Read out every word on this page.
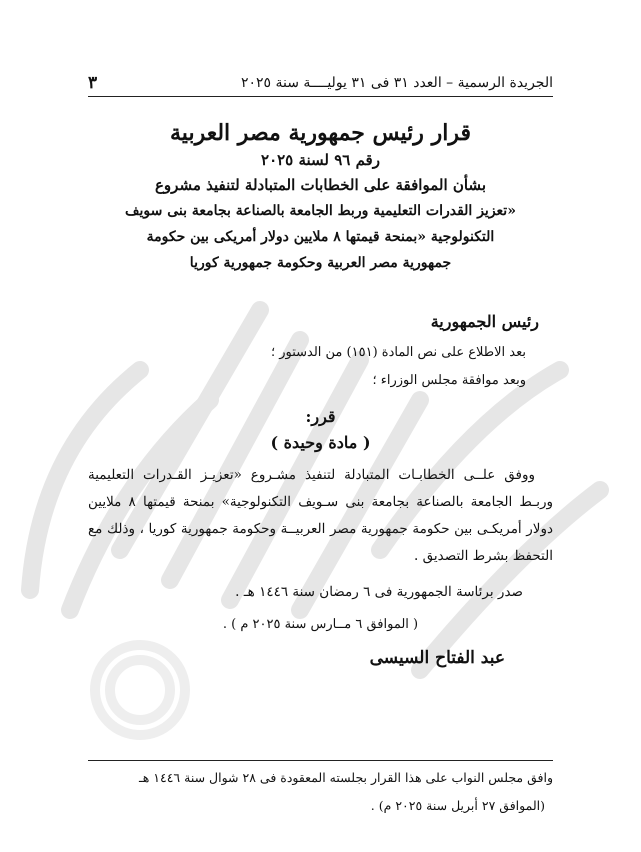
الجريدة الرسمية – العدد ٣١ فى ٣١ يوليــــة سنة ٢٠٢٥
٣
قرار رئيس جمهورية مصر العربية
رقم ٩٦ لسنة ٢٠٢٥
بشأن الموافقة على الخطابات المتبادلة لتنفيذ مشروع
«تعزيز القدرات التعليمية وربط الجامعة بالصناعة بجامعة بنى سويف
التكنولوجية «بمنحة قيمتها ٨ ملايين دولار أمريكى بين حكومة
جمهورية مصر العربية وحكومة جمهورية كوريا
رئيس الجمهورية
بعد الاطلاع على نص المادة (١٥١) من الدستور ؛
وبعد موافقة مجلس الوزراء ؛
قرر:
( مادة وحيدة )
ووفق علــى الخطابـات المتبادلة لتنفيذ مشـروع «تعزيـز القـدرات التعليمية وربـط الجامعة بالصناعة بجامعة بنى سـويف التكنولوجية» بمنحة قيمتها ٨ ملايين دولار أمريكـى بين حكومة جمهورية مصر العربيــة وحكومة جمهورية كوريا ، وذلك مع التحفظ بشرط التصديق .
صدر برئاسة الجمهورية فى ٦ رمضان سنة ١٤٤٦ هـ .
( الموافق ٦ مــارس سنة ٢٠٢٥ م ) .
عبد الفتاح السيسى
وافق مجلس النواب على هذا القرار بجلسته المعقودة فى ٢٨ شوال سنة ١٤٤٦ هـ
(الموافق ٢٧ أبريل سنة ٢٠٢٥ م) .
